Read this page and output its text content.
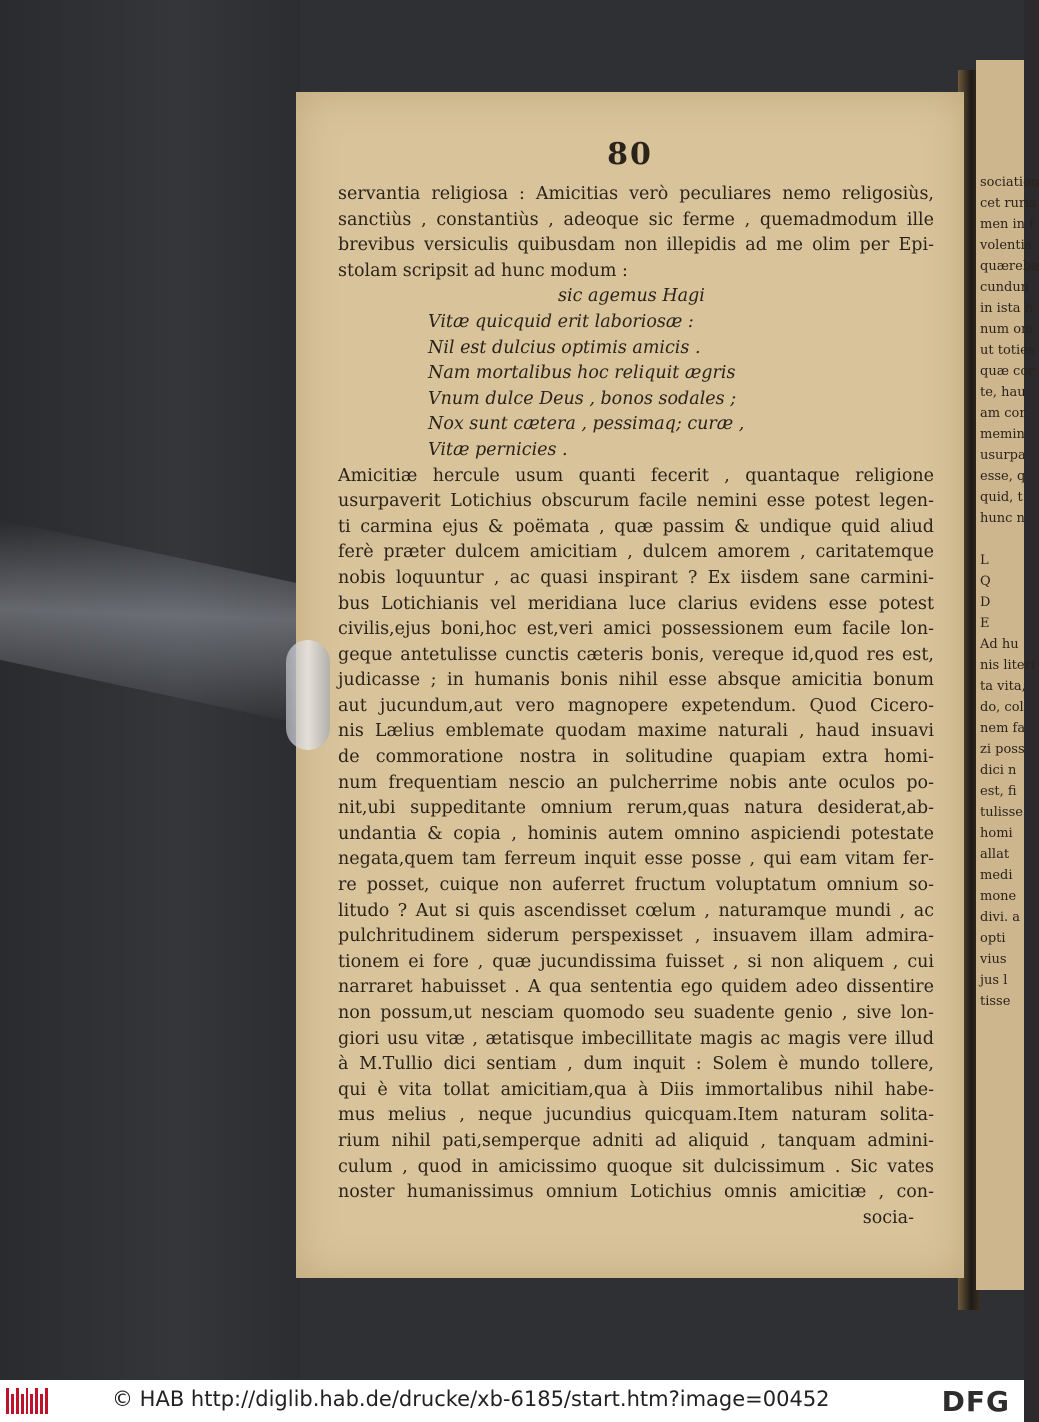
sociation
cet ruris
men in f
volentia
quæreba
cundun
in ista h
num om
ut toties
quæ cor
te, hau
am cor
memin
usurpa
esse, q
quid, t
hunc n
L
Q
D
E
Ad hu
nis literi
ta vita,
do, col
nem fa
zi poss
dici n
est, fi
tulisse
homi
allat
medi
mone
divi. a
opti
vius
jus l
tisse
80
servantia religiosa : Amicitias verò peculiares nemo religosiùs,
sanctiùs , constantiùs , adeoque sic ferme , quemadmodum ille
brevibus versiculis quibusdam non illepidis ad me olim per Epi-
stolam scripsit ad hunc modum :
sic agemus Hagi
Vitæ quicquid erit laboriosæ :
Nil est dulcius optimis amicis .
Nam mortalibus hoc reliquit ægris
Vnum dulce Deus , bonos sodales ;
Nox sunt cætera , pessimaq; curæ ,
Vitæ pernicies .
Amicitiæ hercule usum quanti fecerit , quantaque religione
usurpaverit Lotichius obscurum facile nemini esse potest legen-
ti carmina ejus & poëmata , quæ passim & undique quid aliud
ferè præter dulcem amicitiam , dulcem amorem , caritatemque
nobis loquuntur , ac quasi inspirant ? Ex iisdem sane carmini-
bus Lotichianis vel meridiana luce clarius evidens esse potest
civilis,ejus boni,hoc est,veri amici possessionem eum facile lon-
geque antetulisse cunctis cæteris bonis, vereque id,quod res est,
judicasse ; in humanis bonis nihil esse absque amicitia bonum
aut jucundum,aut vero magnopere expetendum. Quod Cicero-
nis Lælius emblemate quodam maxime naturali , haud insuavi
de commoratione nostra in solitudine quapiam extra homi-
num frequentiam nescio an pulcherrime nobis ante oculos po-
nit,ubi suppeditante omnium rerum,quas natura desiderat,ab-
undantia & copia , hominis autem omnino aspiciendi potestate
negata,quem tam ferreum inquit esse posse , qui eam vitam fer-
re posset, cuique non auferret fructum voluptatum omnium so-
litudo ? Aut si quis ascendisset cœlum , naturamque mundi , ac
pulchritudinem siderum perspexisset , insuavem illam admira-
tionem ei fore , quæ jucundissima fuisset , si non aliquem , cui
narraret habuisset . A qua sententia ego quidem adeo dissentire
non possum,ut nesciam quomodo seu suadente genio , sive lon-
giori usu vitæ , ætatisque imbecillitate magis ac magis vere illud
à M.Tullio dici sentiam , dum inquit : Solem è mundo tollere,
qui è vita tollat amicitiam,qua à Diis immortalibus nihil habe-
mus melius , neque jucundius quicquam.Item naturam solita-
rium nihil pati,semperque adniti ad aliquid , tanquam admini-
culum , quod in amicissimo quoque sit dulcissimum . Sic vates
noster humanissimus omnium Lotichius omnis amicitiæ , con-
socia-
© HAB http://diglib.hab.de/drucke/xb-6185/start.htm?image=00452	DFG
